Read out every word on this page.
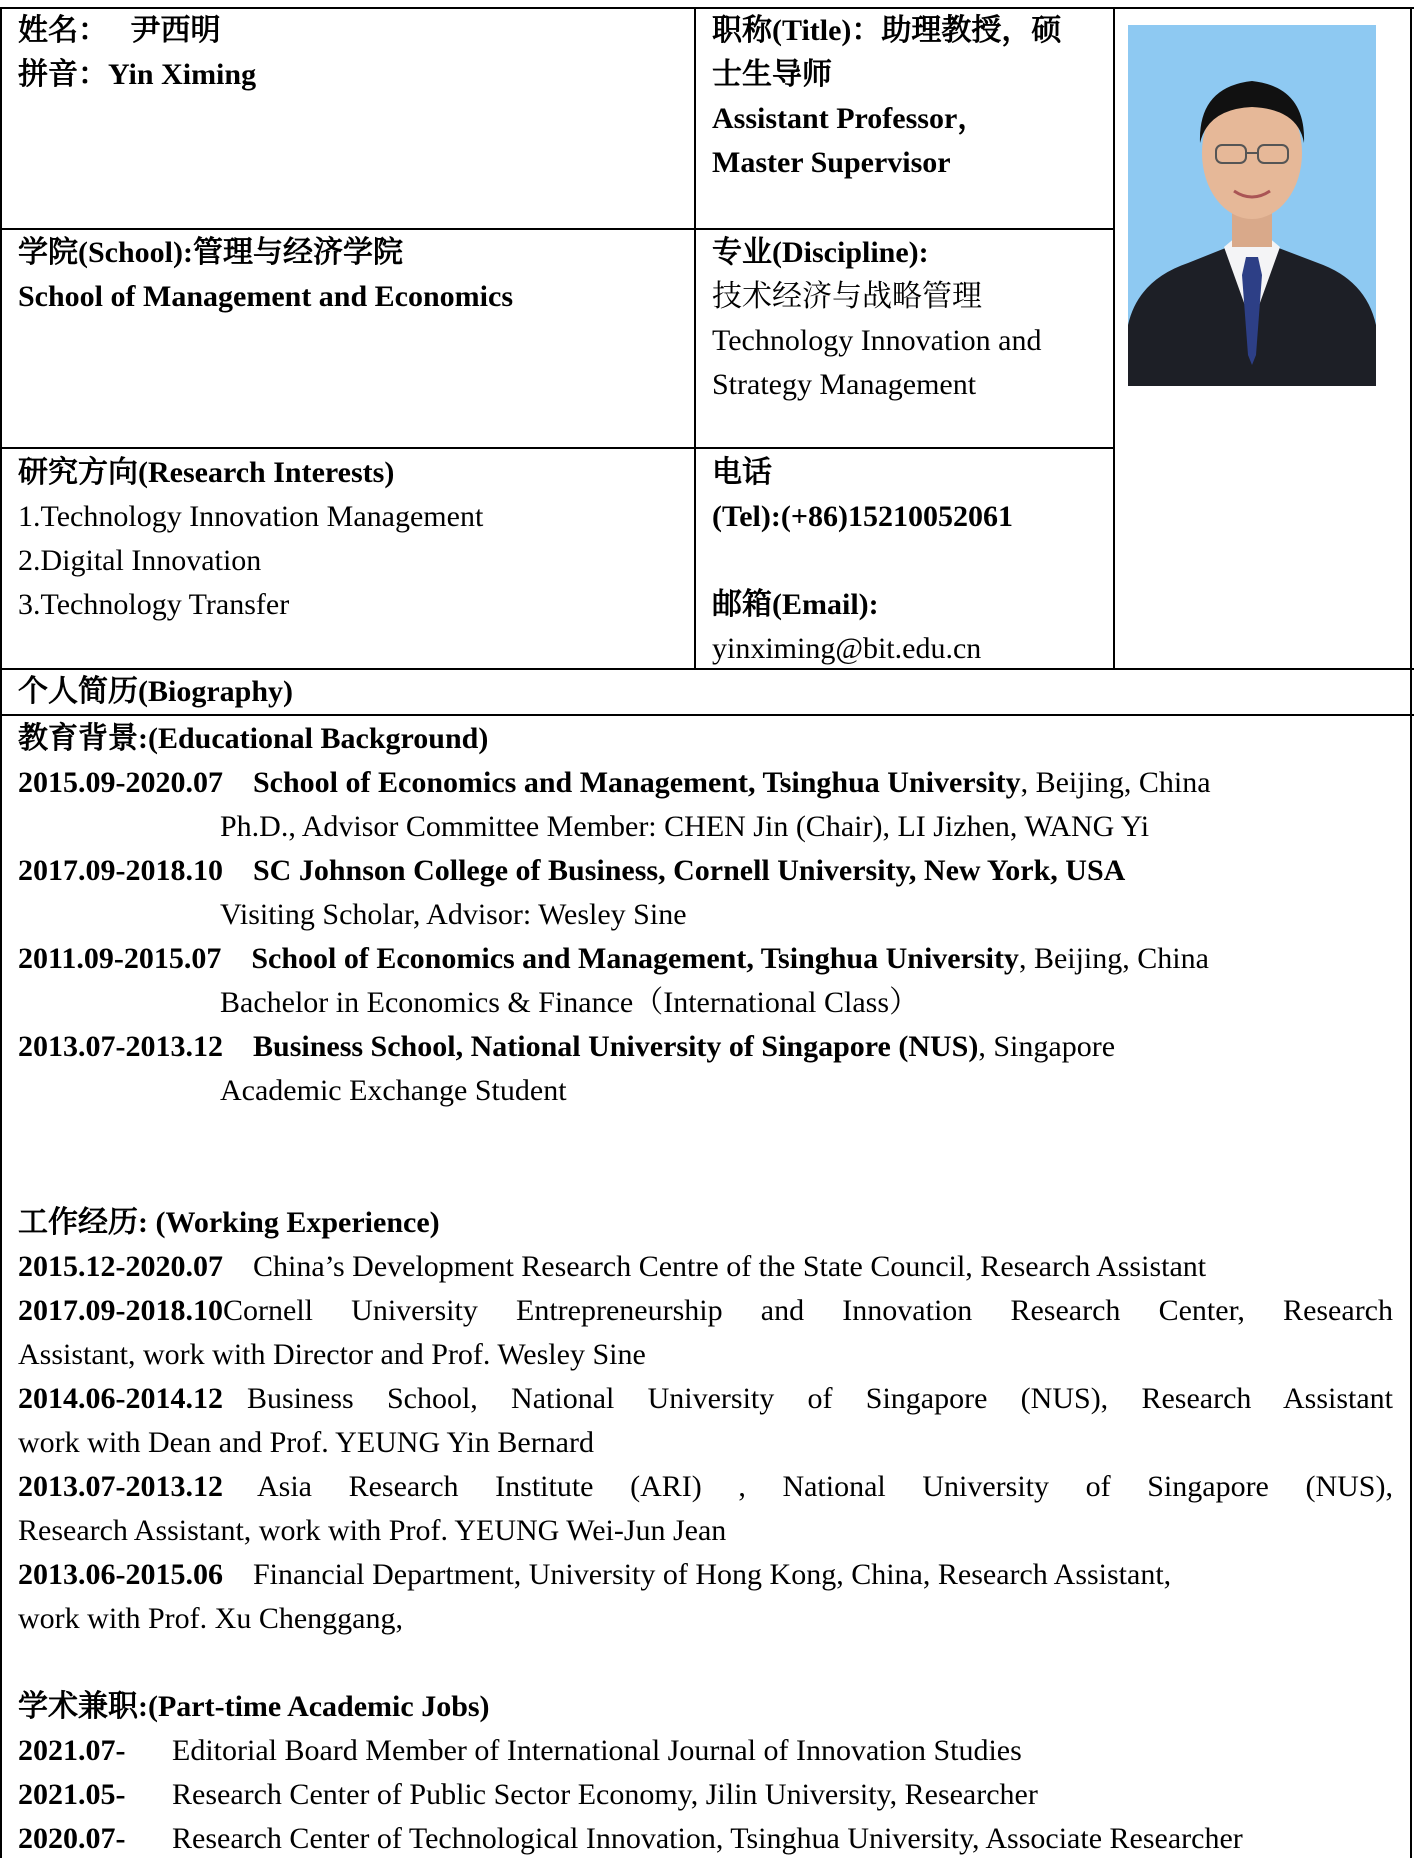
姓名： 尹西明
拼音：Yin Ximing
职称(Title)：助理教授，硕
士生导师
Assistant Professor，
Master Supervisor
学院(School):管理与经济学院
School of Management and Economics
专业(Discipline):
技术经济与战略管理
Technology Innovation and
Strategy Management
研究方向(Research Interests)
1.Technology Innovation Management
2.Digital Innovation
3.Technology Transfer
电话
(Tel):(+86)15210052061
邮箱(Email):
yinximing@bit.edu.cn
个人简历(Biography)
教育背景:(Educational Background)
2015.09-2020.07 School of Economics and Management, Tsinghua University, Beijing, China
Ph.D., Advisor Committee Member: CHEN Jin (Chair), LI Jizhen, WANG Yi
2017.09-2018.10 SC Johnson College of Business, Cornell University, New York, USA
Visiting Scholar, Advisor: Wesley Sine
2011.09-2015.07 School of Economics and Management, Tsinghua University, Beijing, China
Bachelor in Economics & Finance（International Class）
2013.07-2013.12 Business School, National University of Singapore (NUS), Singapore
Academic Exchange Student
工作经历: (Working Experience)
2015.12-2020.07 China’s Development Research Centre of the State Council, Research Assistant
2017.09-2018.10 Cornell University Entrepreneurship and Innovation Research Center, Research
Assistant, work with Director and Prof. Wesley Sine
2014.06-2014.12 Business School, National University of Singapore (NUS), Research Assistant
work with Dean and Prof. YEUNG Yin Bernard
2013.07-2013.12 Asia Research Institute (ARI) , National University of Singapore (NUS),
Research Assistant, work with Prof. YEUNG Wei-Jun Jean
2013.06-2015.06 Financial Department, University of Hong Kong, China, Research Assistant,
work with Prof. Xu Chenggang,
学术兼职:(Part-time Academic Jobs)
2021.07- Editorial Board Member of International Journal of Innovation Studies
2021.05- Research Center of Public Sector Economy, Jilin University, Researcher
2020.07- Research Center of Technological Innovation, Tsinghua University, Associate Researcher
